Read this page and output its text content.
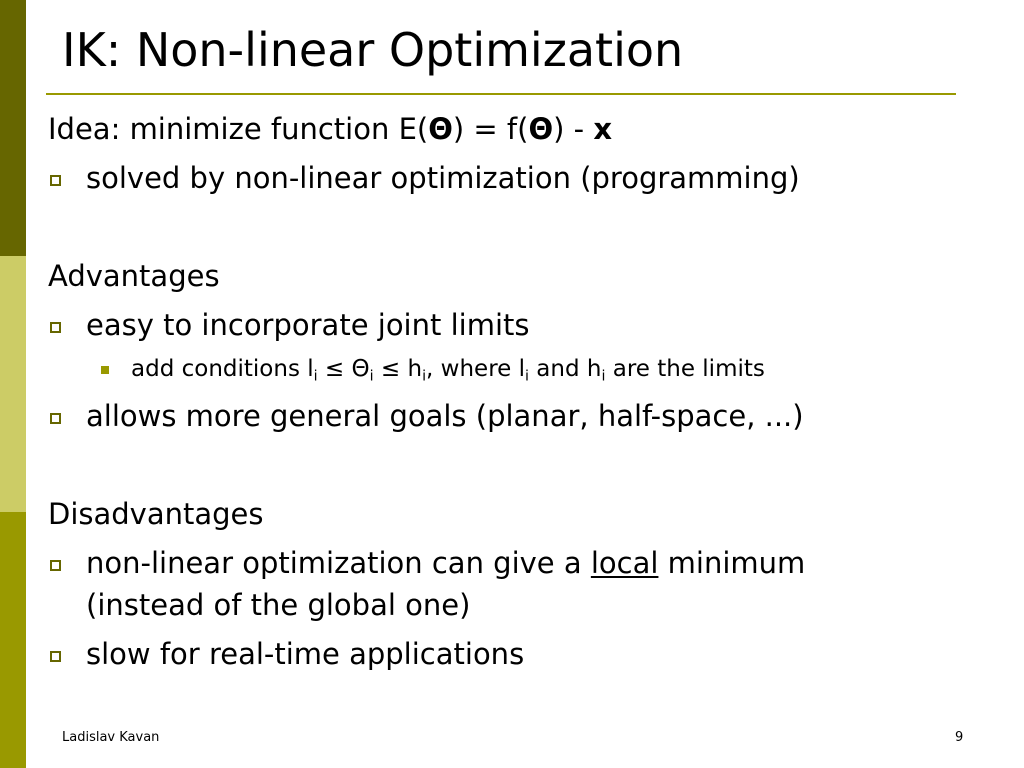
IK: Non-linear Optimization
Idea: minimize function E(Θ) = f(Θ) - x
solved by non-linear optimization (programming)
Advantages
easy to incorporate joint limits
add conditions $l_i \le \Theta_i \le h_i$, where $l_i$ and $h_i$ are the limits
allows more general goals (planar, half-space, ...)
Disadvantages
non-linear optimization can give a local minimum
(instead of the global one)
slow for real-time applications
Ladislav Kavan	9
